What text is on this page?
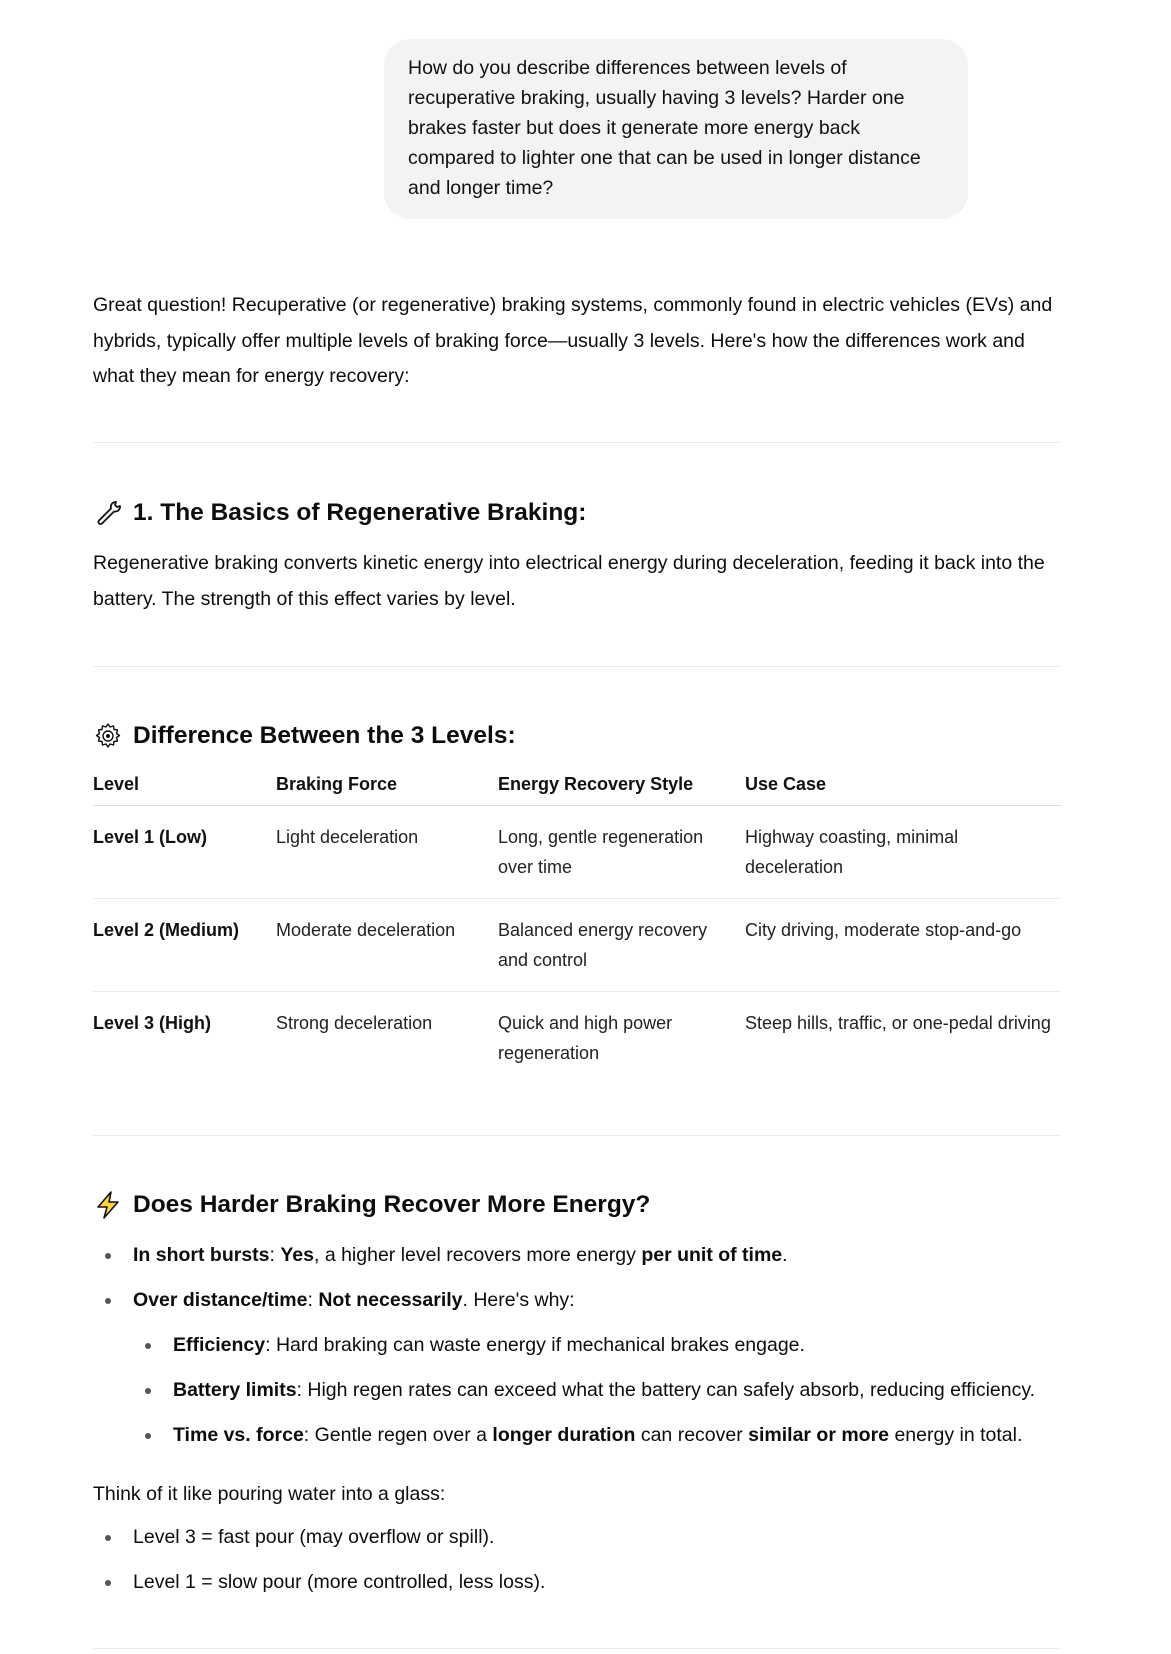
How do you describe differences between levels of recuperative braking, usually having 3 levels? Harder one brakes faster but does it generate more energy back compared to lighter one that can be used in longer distance and longer time?

Great question! Recuperative (or regenerative) braking systems, commonly found in electric vehicles (EVs) and hybrids, typically offer multiple levels of braking force—usually 3 levels. Here's how the differences work and what they mean for energy recovery:

1. The Basics of Regenerative Braking:

Regenerative braking converts kinetic energy into electrical energy during deceleration, feeding it back into the battery. The strength of this effect varies by level.

Difference Between the 3 Levels:
Level	Braking Force	Energy Recovery Style	Use Case
Level 1 (Low)	Light deceleration	Long, gentle regeneration over time	Highway coasting, minimal deceleration
Level 2 (Medium)	Moderate deceleration	Balanced energy recovery and control	City driving, moderate stop-and-go
Level 3 (High)	Strong deceleration	Quick and high power regeneration	Steep hills, traffic, or one-pedal driving
Does Harder Braking Recover More Energy?
In short bursts: Yes, a higher level recovers more energy per unit of time.
Over distance/time: Not necessarily. Here's why:
Efficiency: Hard braking can waste energy if mechanical brakes engage.
Battery limits: High regen rates can exceed what the battery can safely absorb, reducing efficiency.
Time vs. force: Gentle regen over a longer duration can recover similar or more energy in total.

Think of it like pouring water into a glass:

Level 3 = fast pour (may overflow or spill).
Level 1 = slow pour (more controlled, less loss).
